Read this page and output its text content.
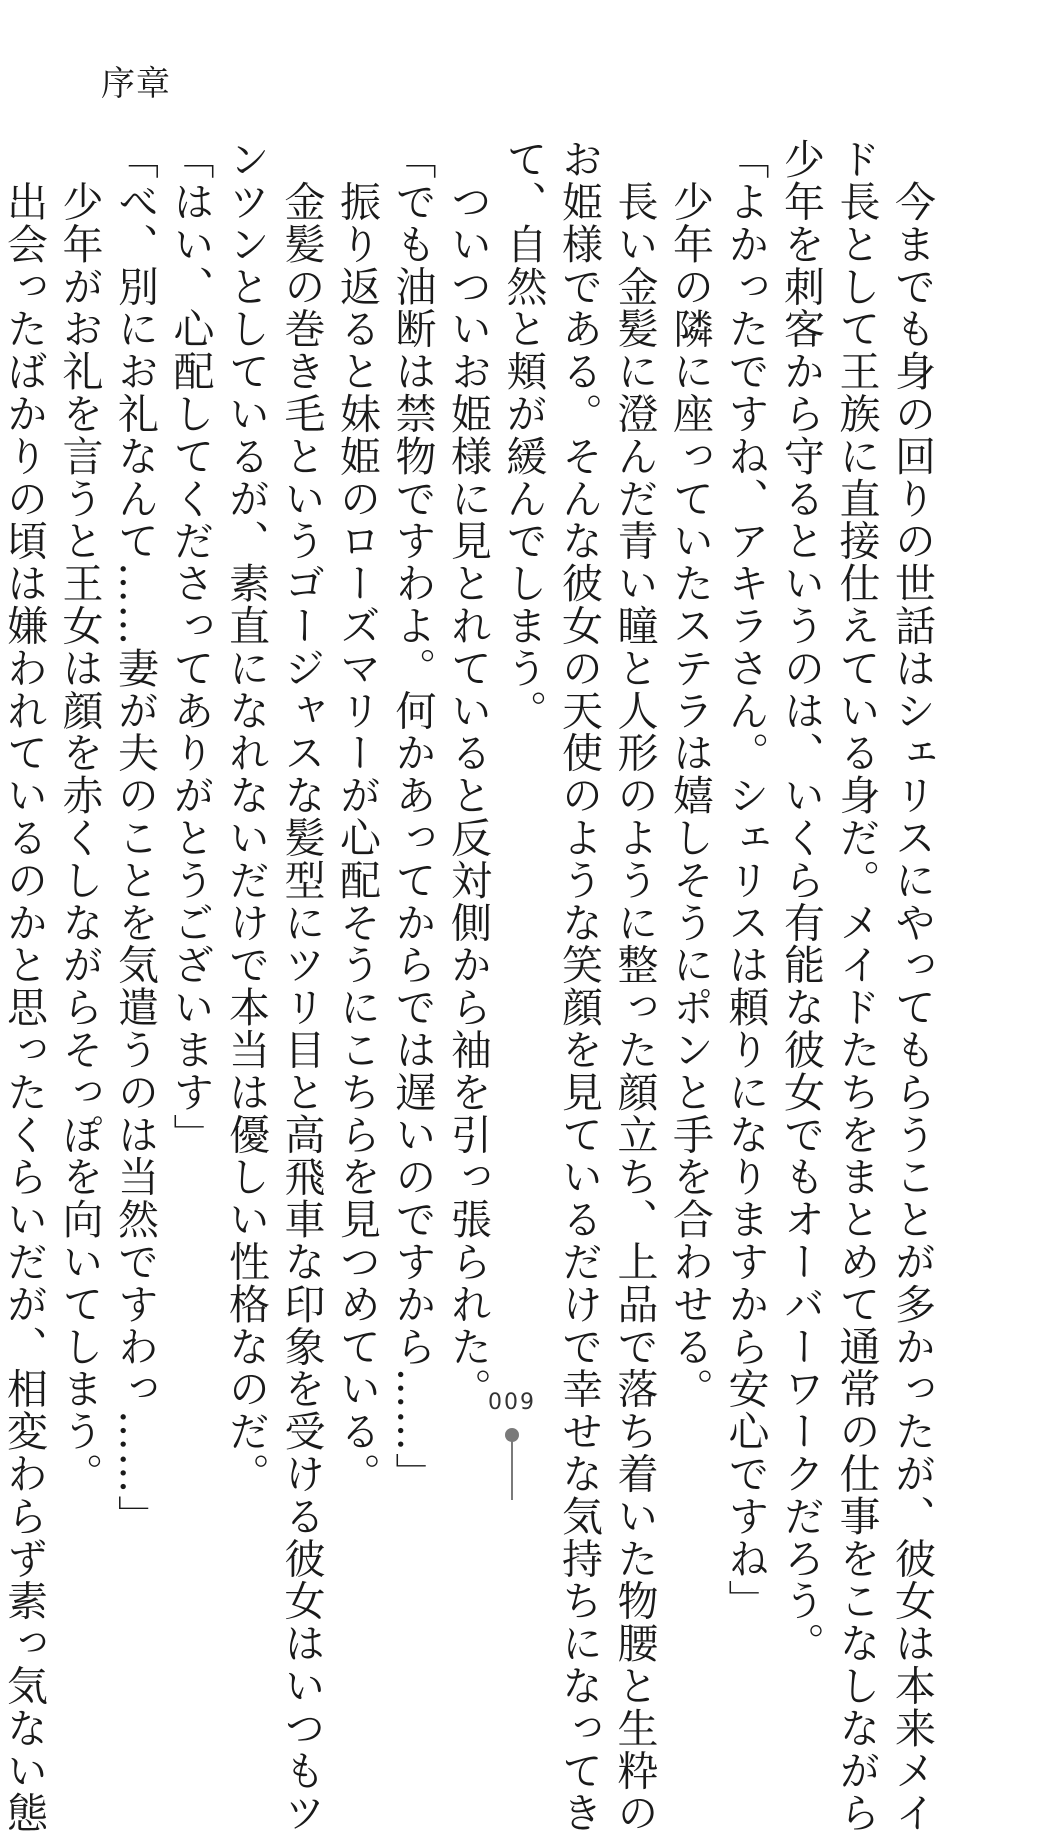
序章
　今までも身の回りの世話はシェリスにやってもらうことが多かったが、彼女は本来メイ
ド長として王族に直接仕えている身だ。メイドたちをまとめて通常の仕事をこなしながら
少年を刺客から守るというのは、いくら有能な彼女でもオーバーワークだろう。
「よかったですね、アキラさん。シェリスは頼りになりますから安心ですね」
　少年の隣に座っていたステラは嬉しそうにポンと手を合わせる。
　長い金髪に澄んだ青い瞳と人形のように整った顔立ち、上品で落ち着いた物腰と生粋の
お姫様である。そんな彼女の天使のような笑顔を見ているだけで幸せな気持ちになってき
て、自然と頬が緩んでしまう。
　ついついお姫様に見とれていると反対側から袖を引っ張られた。
「でも油断は禁物ですわよ。何かあってからでは遅いのですから……」
　振り返ると妹姫のローズマリーが心配そうにこちらを見つめている。
　金髪の巻き毛というゴージャスな髪型にツリ目と高飛車な印象を受ける彼女はいつもツ
ンツンとしているが、素直になれないだけで本当は優しい性格なのだ。
「はい、心配してくださってありがとうございます」
「べ、別にお礼なんて……妻が夫のことを気遣うのは当然ですわっ……」
　少年がお礼を言うと王女は顔を赤くしながらそっぽを向いてしまう。
　出会ったばかりの頃は嫌われているのかと思ったくらいだが、相変わらず素っ気ない態	009
